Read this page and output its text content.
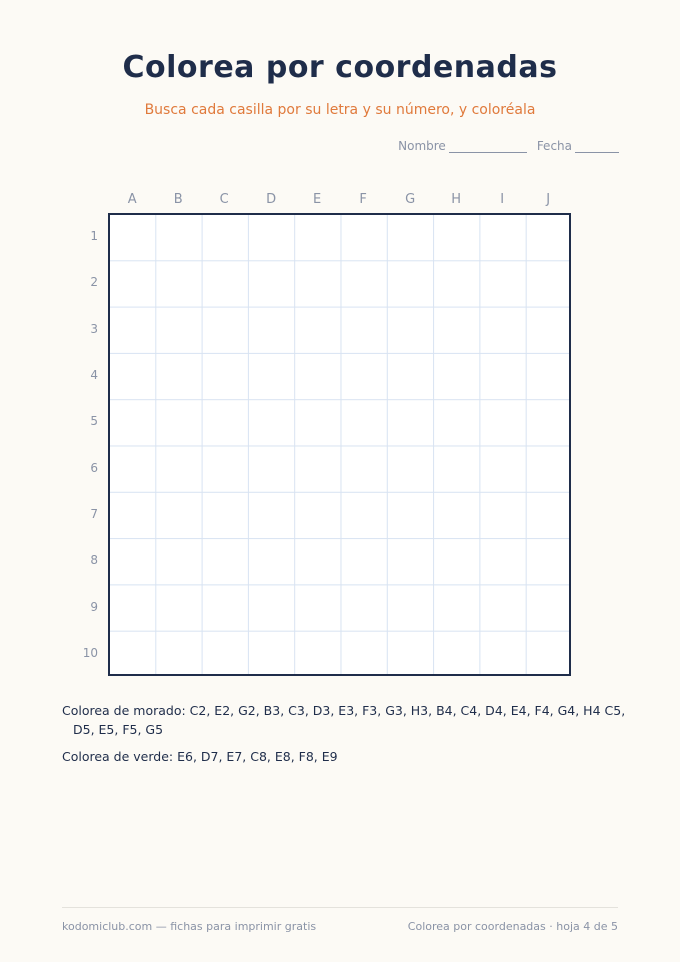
Colorea por coordenadas
Busca cada casilla por su letra y su número, y coloréala
Nombre	Fecha
A	B	C	D	E	F	G	H	I	J
1
2
3
4
5
6
7
8
9
10
Colorea de morado: C2, E2, G2, B3, C3, D3, E3, F3, G3, H3, B4, C4, D4, E4, F4, G4, H4 C5, D5, E5, F5, G5
Colorea de verde: E6, D7, E7, C8, E8, F8, E9
kodomiclub.com — fichas para imprimir gratis	Colorea por coordenadas · hoja 4 de 5
